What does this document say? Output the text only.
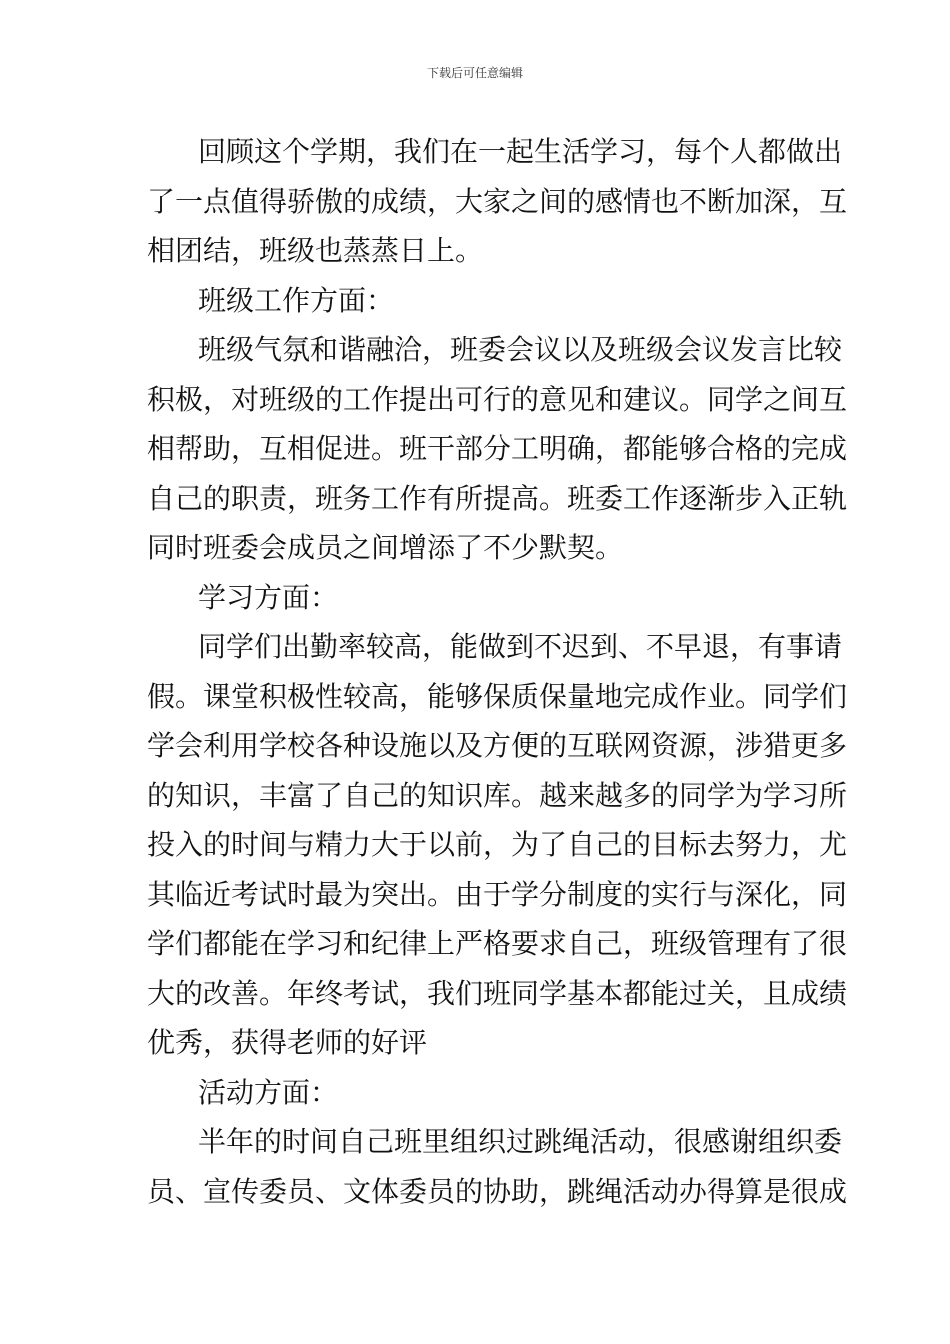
下载后可任意编辑
回顾这个学期，我们在一起生活学习，每个人都做出
了一点值得骄傲的成绩，大家之间的感情也不断加深，互
相团结，班级也蒸蒸日上。
班级工作方面：
班级气氛和谐融洽，班委会议以及班级会议发言比较
积极，对班级的工作提出可行的意见和建议。同学之间互
相帮助，互相促进。班干部分工明确，都能够合格的完成
自己的职责，班务工作有所提高。班委工作逐渐步入正轨
同时班委会成员之间增添了不少默契。
学习方面：
同学们出勤率较高，能做到不迟到、不早退，有事请
假。课堂积极性较高，能够保质保量地完成作业。同学们
学会利用学校各种设施以及方便的互联网资源，涉猎更多
的知识，丰富了自己的知识库。越来越多的同学为学习所
投入的时间与精力大于以前，为了自己的目标去努力，尤
其临近考试时最为突出。由于学分制度的实行与深化，同
学们都能在学习和纪律上严格要求自己，班级管理有了很
大的改善。年终考试，我们班同学基本都能过关，且成绩
优秀，获得老师的好评
活动方面：
半年的时间自己班里组织过跳绳活动，很感谢组织委
员、宣传委员、文体委员的协助，跳绳活动办得算是很成
